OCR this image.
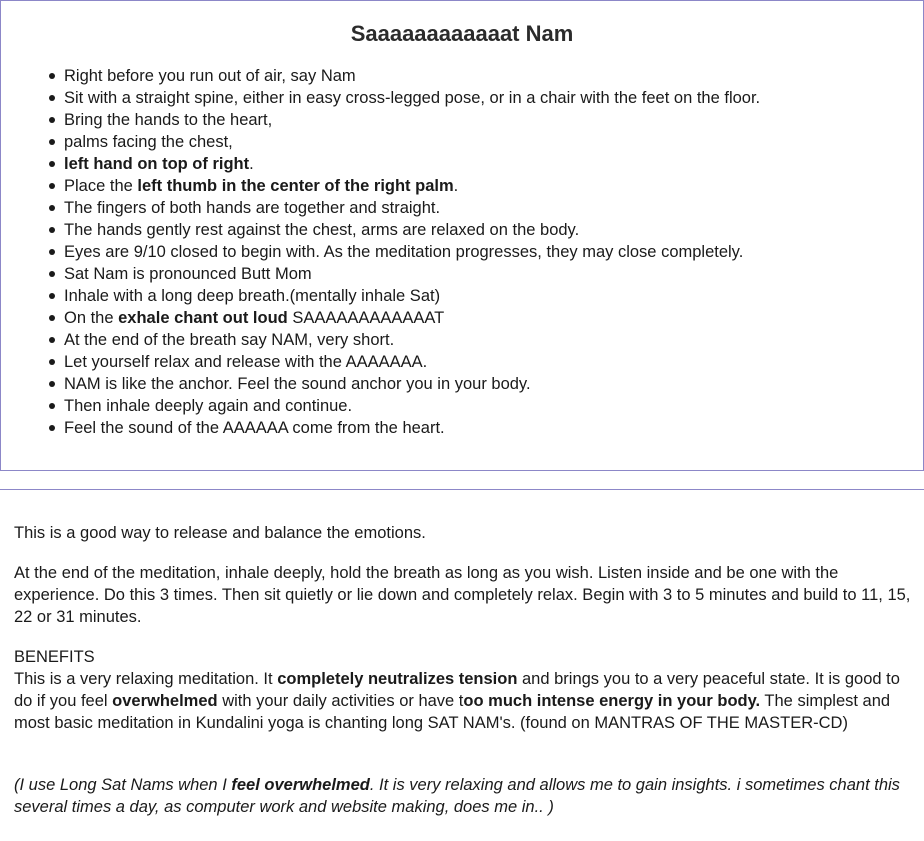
Saaaaaaaaaaaat Nam
Right before you run out of air, say Nam
Sit with a straight spine, either in easy cross-legged pose, or in a chair with the feet on the floor.
Bring the hands to the heart,
palms facing the chest,
left hand on top of right.
Place the left thumb in the center of the right palm.
The fingers of both hands are together and straight.
The hands gently rest against the chest, arms are relaxed on the body.
Eyes are 9/10 closed to begin with. As the meditation progresses, they may close completely.
Sat Nam is pronounced Butt Mom
Inhale with a long deep breath.(mentally inhale Sat)
On the exhale chant out loud SAAAAAAAAAAAAT
At the end of the breath say NAM, very short.
Let yourself relax and release with the AAAAAAA.
NAM is like the anchor. Feel the sound anchor you in your body.
Then inhale deeply again and continue.
Feel the sound of the AAAAAA come from the heart.

This is a good way to release and balance the emotions.

At the end of the meditation, inhale deeply, hold the breath as long as you wish. Listen inside and be one with the experience. Do this 3 times. Then sit quietly or lie down and completely relax. Begin with 3 to 5 minutes and build to 11, 15, 22 or 31 minutes.

BENEFITS
This is a very relaxing meditation. It completely neutralizes tension and brings you to a very peaceful state. It is good to do if you feel overwhelmed with your daily activities or have too much intense energy in your body. The simplest and most basic meditation in Kundalini yoga is chanting long SAT NAM's. (found on MANTRAS OF THE MASTER-CD)

(I use Long Sat Nams when I feel overwhelmed. It is very relaxing and allows me to gain insights. i sometimes chant this several times a day, as computer work and website making, does me in.. )
